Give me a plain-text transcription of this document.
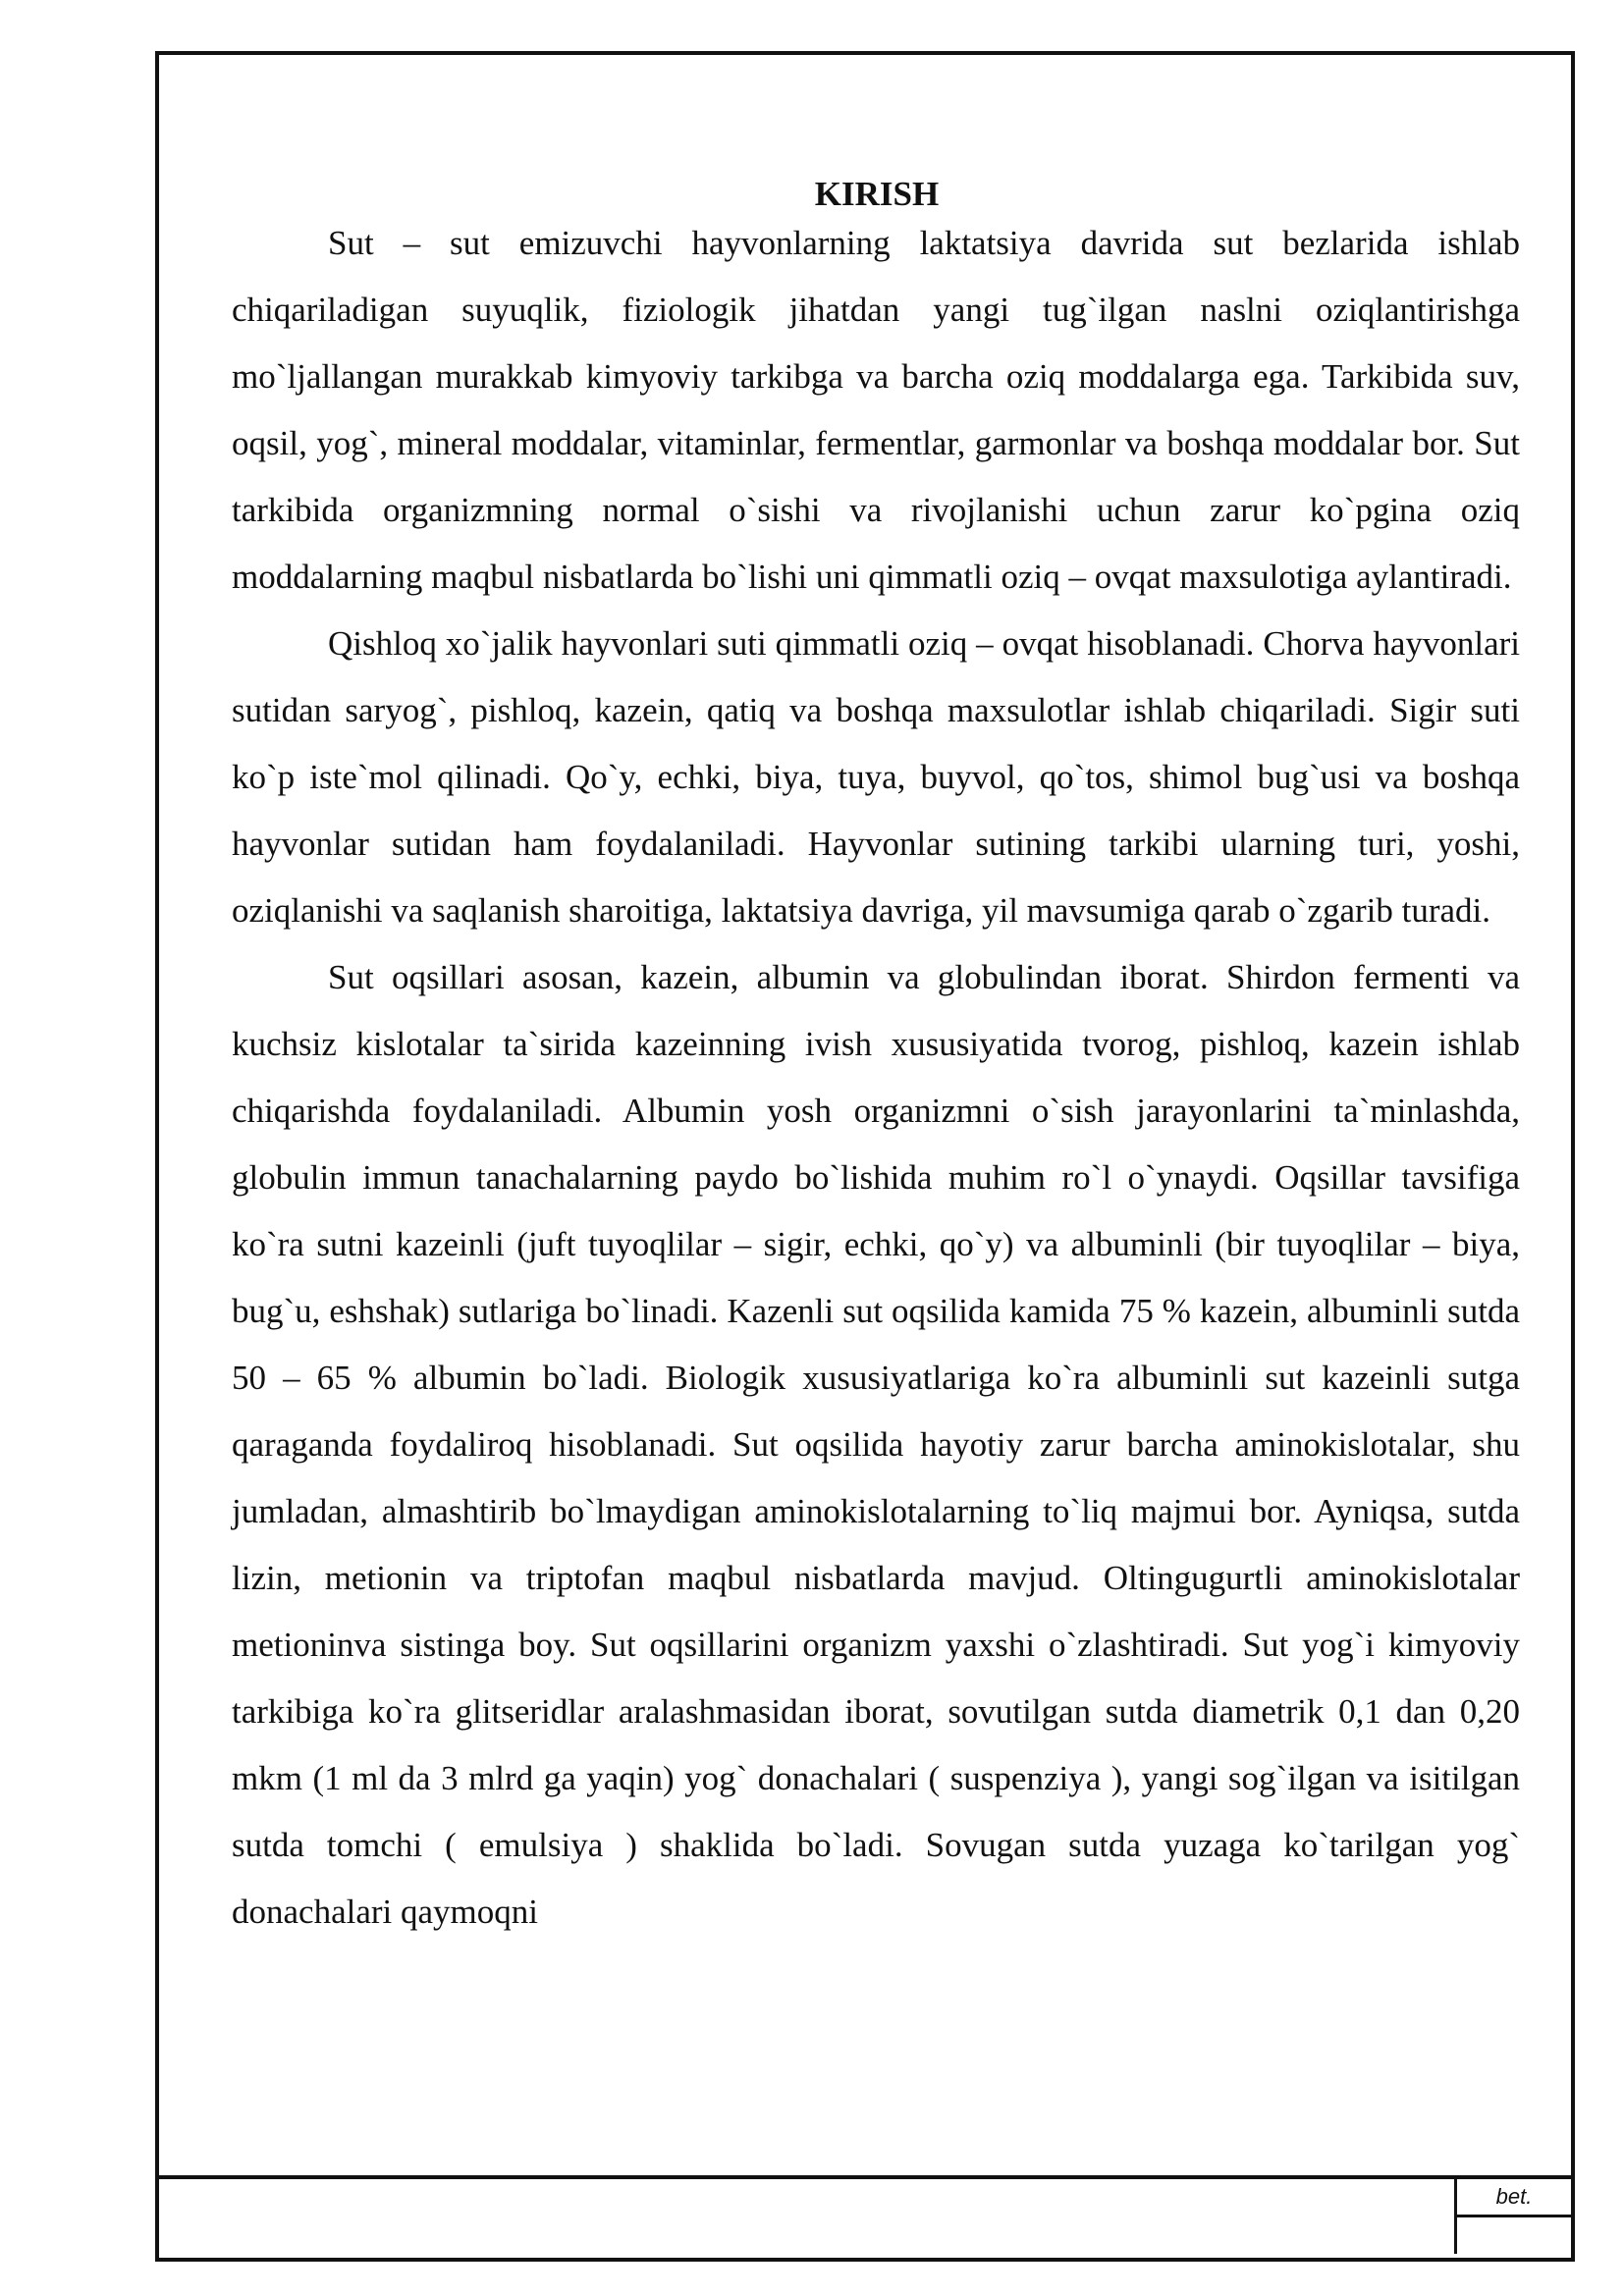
bet.
KIRISH

Sut – sut emizuvchi hayvonlarning laktatsiya davrida sut bezlarida ishlab chiqariladigan suyuqlik, fiziologik jihatdan yangi tug`ilgan naslni oziqlantirishga mo`ljallangan murakkab kimyoviy tarkibga va barcha oziq moddalarga ega. Tarkibida suv, oqsil, yog`, mineral moddalar, vitaminlar, fermentlar, garmonlar va boshqa moddalar bor. Sut tarkibida organizmning normal o`sishi va rivojlanishi uchun zarur ko`pgina oziq moddalarning maqbul nisbatlarda bo`lishi uni qimmatli oziq – ovqat maxsulotiga aylantiradi.

Qishloq xo`jalik hayvonlari suti qimmatli oziq – ovqat hisoblanadi. Chorva hayvonlari sutidan saryog`, pishloq, kazein, qatiq va boshqa maxsulotlar ishlab chiqariladi. Sigir suti ko`p iste`mol qilinadi. Qo`y, echki, biya, tuya, buyvol, qo`tos, shimol bug`usi va boshqa hayvonlar sutidan ham foydalaniladi. Hayvonlar sutining tarkibi ularning turi, yoshi, oziqlanishi va saqlanish sharoitiga, laktatsiya davriga, yil mavsumiga qarab o`zgarib turadi.

Sut oqsillari asosan, kazein, albumin va globulindan iborat. Shirdon fermenti va kuchsiz kislotalar ta`sirida kazeinning ivish xususiyatida tvorog, pishloq, kazein ishlab chiqarishda foydalaniladi. Albumin yosh organizmni o`sish jarayonlarini ta`minlashda, globulin immun tanachalarning paydo bo`lishida muhim ro`l o`ynaydi. Oqsillar tavsifiga ko`ra sutni kazeinli (juft tuyoqlilar – sigir, echki, qo`y) va albuminli (bir tuyoqlilar – biya, bug`u, eshshak) sutlariga bo`linadi. Kazenli sut oqsilida kamida 75 % kazein, albuminli sutda 50 – 65 % albumin bo`ladi. Biologik xususiyatlariga ko`ra albuminli sut kazeinli sutga qaraganda foydaliroq hisoblanadi. Sut oqsilida hayotiy zarur barcha aminokislotalar, shu jumladan, almashtirib bo`lmaydigan aminokislotalarning to`liq majmui bor. Ayniqsa, sutda lizin, metionin va triptofan maqbul nisbatlarda mavjud. Oltingugurtli aminokislotalar metioninva sistinga boy. Sut oqsillarini organizm yaxshi o`zlashtiradi. Sut yog`i kimyoviy tarkibiga ko`ra glitseridlar aralashmasidan iborat, sovutilgan sutda diametrik 0,1 dan 0,20 mkm (1 ml da 3 mlrd ga yaqin) yog` donachalari ( suspenziya ), yangi sog`ilgan va isitilgan sutda tomchi ( emulsiya ) shaklida bo`ladi. Sovugan sutda yuzaga ko`tarilgan yog` donachalari qaymoqni
